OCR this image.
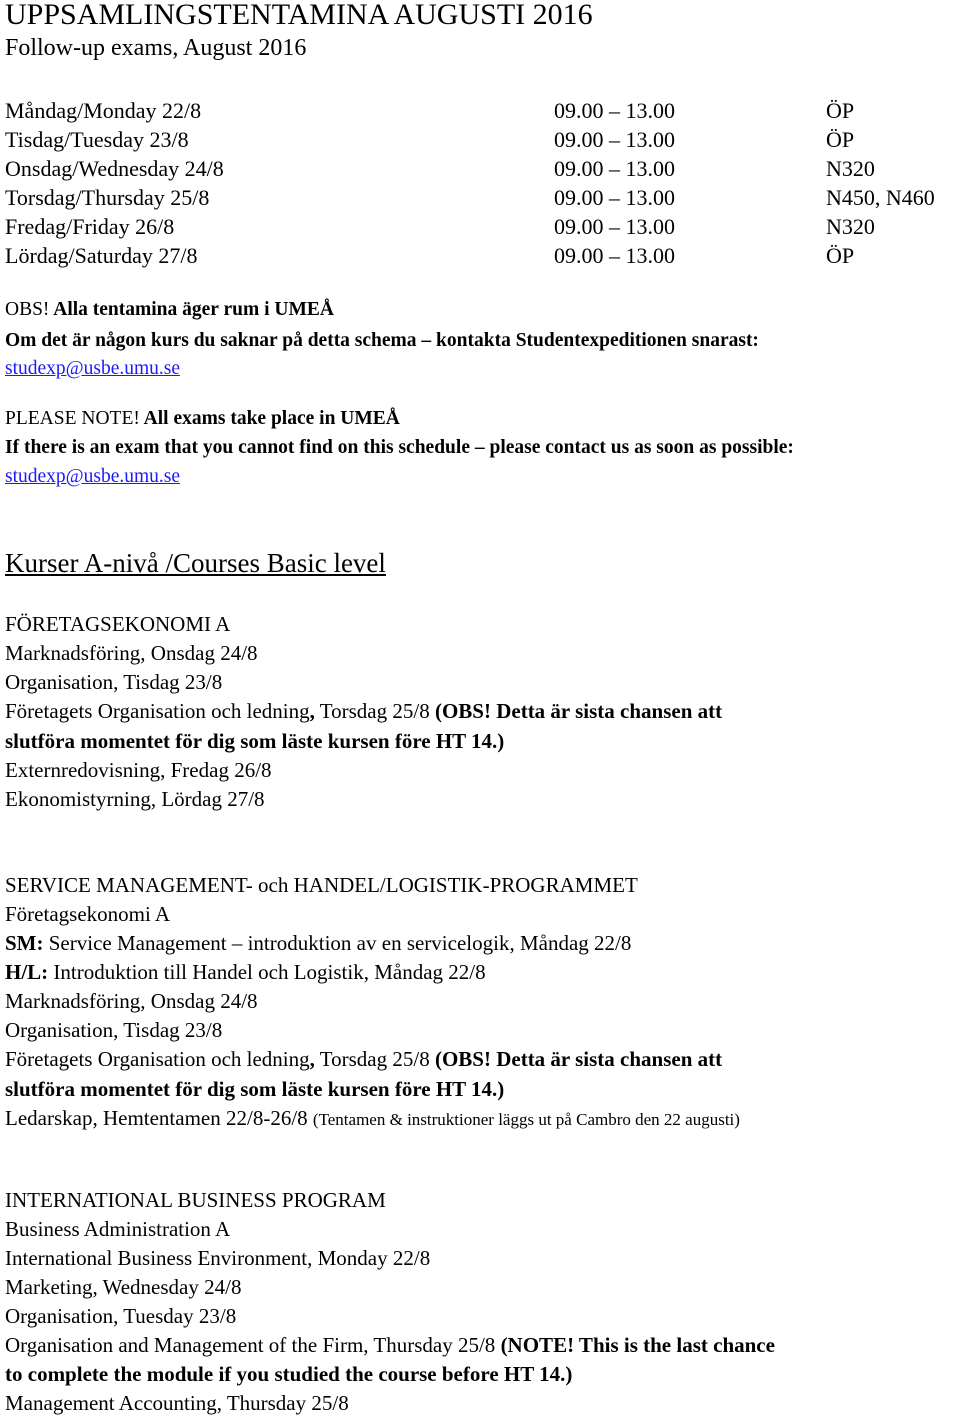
UPPSAMLINGSTENTAMINA AUGUSTI 2016
Follow-up exams, August 2016
Måndag/Monday 22/8	09.00 – 13.00	ÖP
Tisdag/Tuesday 23/8	09.00 – 13.00	ÖP
Onsdag/Wednesday 24/8	09.00 – 13.00	N320
Torsdag/Thursday 25/8	09.00 – 13.00	N450, N460
Fredag/Friday 26/8	09.00 – 13.00	N320
Lördag/Saturday 27/8	09.00 – 13.00	ÖP
OBS! Alla tentamina äger rum i UMEÅ
Om det är någon kurs du saknar på detta schema – kontakta Studentexpeditionen snarast:
studexp@usbe.umu.se
PLEASE NOTE! All exams take place in UMEÅ
If there is an exam that you cannot find on this schedule – please contact us as soon as possible:
studexp@usbe.umu.se
Kurser A-nivå /Courses Basic level
FÖRETAGSEKONOMI A
Marknadsföring, Onsdag 24/8
Organisation, Tisdag 23/8
Företagets Organisation och ledning, Torsdag 25/8 (OBS! Detta är sista chansen att
slutföra momentet för dig som läste kursen före HT 14.)
Externredovisning, Fredag 26/8
Ekonomistyrning, Lördag 27/8
SERVICE MANAGEMENT- och HANDEL/LOGISTIK-PROGRAMMET
Företagsekonomi A
SM: Service Management – introduktion av en servicelogik, Måndag 22/8
H/L: Introduktion till Handel och Logistik, Måndag 22/8
Marknadsföring, Onsdag 24/8
Organisation, Tisdag 23/8
Företagets Organisation och ledning, Torsdag 25/8 (OBS! Detta är sista chansen att
slutföra momentet för dig som läste kursen före HT 14.)
Ledarskap, Hemtentamen 22/8-26/8 (Tentamen & instruktioner läggs ut på Cambro den 22 augusti)
INTERNATIONAL BUSINESS PROGRAM
Business Administration A
International Business Environment, Monday 22/8
Marketing, Wednesday 24/8
Organisation, Tuesday 23/8
Organisation and Management of the Firm, Thursday 25/8 (NOTE! This is the last chance
to complete the module if you studied the course before HT 14.)
Management Accounting, Thursday 25/8
